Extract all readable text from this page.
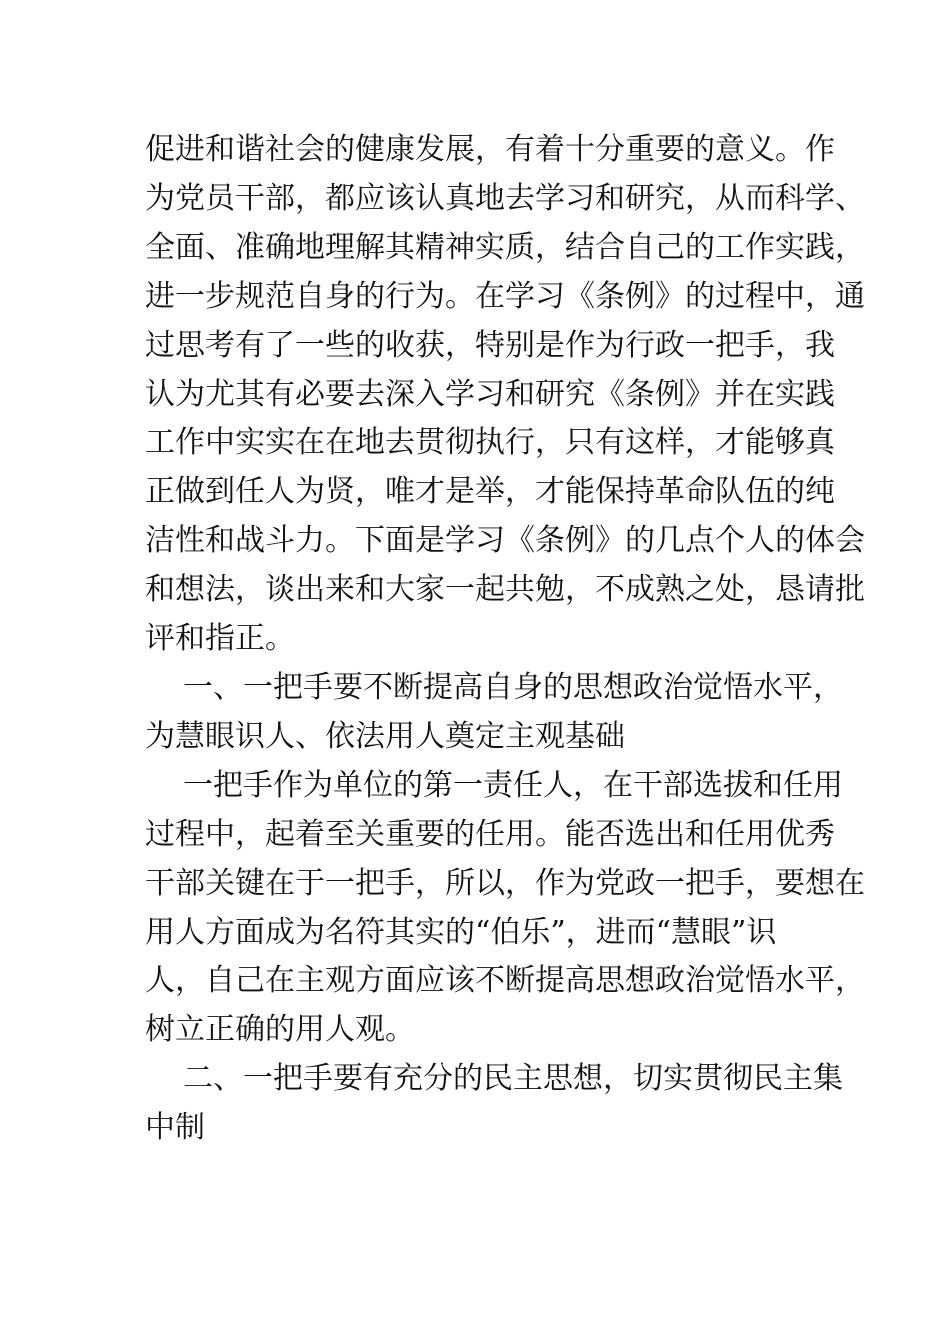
促进和谐社会的健康发展，有着十分重要的意义。作
为党员干部，都应该认真地去学习和研究，从而科学、
全面、准确地理解其精神实质，结合自己的工作实践，
进一步规范自身的行为。在学习《条例》的过程中，通
过思考有了一些的收获，特别是作为行政一把手，我
认为尤其有必要去深入学习和研究《条例》并在实践
工作中实实在在地去贯彻执行，只有这样，才能够真
正做到任人为贤，唯才是举，才能保持革命队伍的纯
洁性和战斗力。下面是学习《条例》的几点个人的体会
和想法，谈出来和大家一起共勉，不成熟之处，恳请批
评和指正。

一、一把手要不断提高自身的思想政治觉悟水平，
为慧眼识人、依法用人奠定主观基础

一把手作为单位的第一责任人，在干部选拔和任用
过程中，起着至关重要的任用。能否选出和任用优秀
干部关键在于一把手，所以，作为党政一把手，要想在
用人方面成为名符其实的“伯乐”，进而“慧眼”识
人，自己在主观方面应该不断提高思想政治觉悟水平，
树立正确的用人观。

二、一把手要有充分的民主思想，切实贯彻民主集
中制
